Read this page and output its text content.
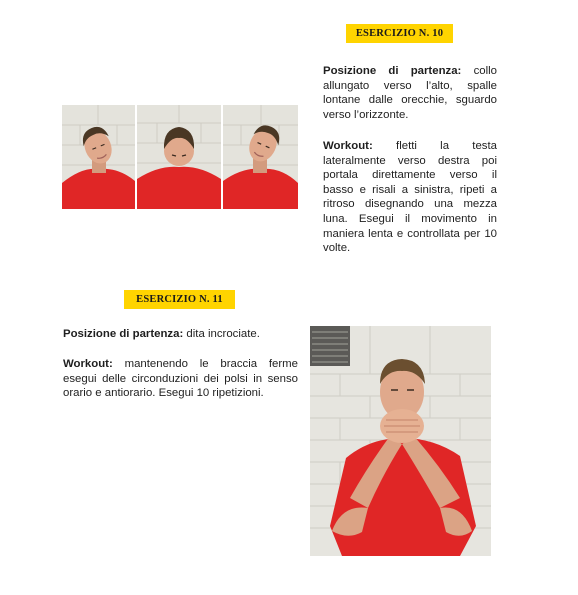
ESERCIZIO N. 10

Posizione di partenza: collo allungato verso l’alto, spalle lontane dalle orecchie, sguardo verso l’orizzonte.

Workout: fletti la testa lateralmente verso destra poi portala direttamente verso il basso e risali a sinistra, ripeti a ritroso disegnando una mezza luna. Esegui il movimento in maniera lenta e controllata per 10 volte.

ESERCIZIO N. 11

Posizione di partenza: dita incrociate.

Workout: mantenendo le braccia ferme esegui delle circonduzioni dei polsi in senso orario e antiorario. Esegui 10 ripetizioni.
